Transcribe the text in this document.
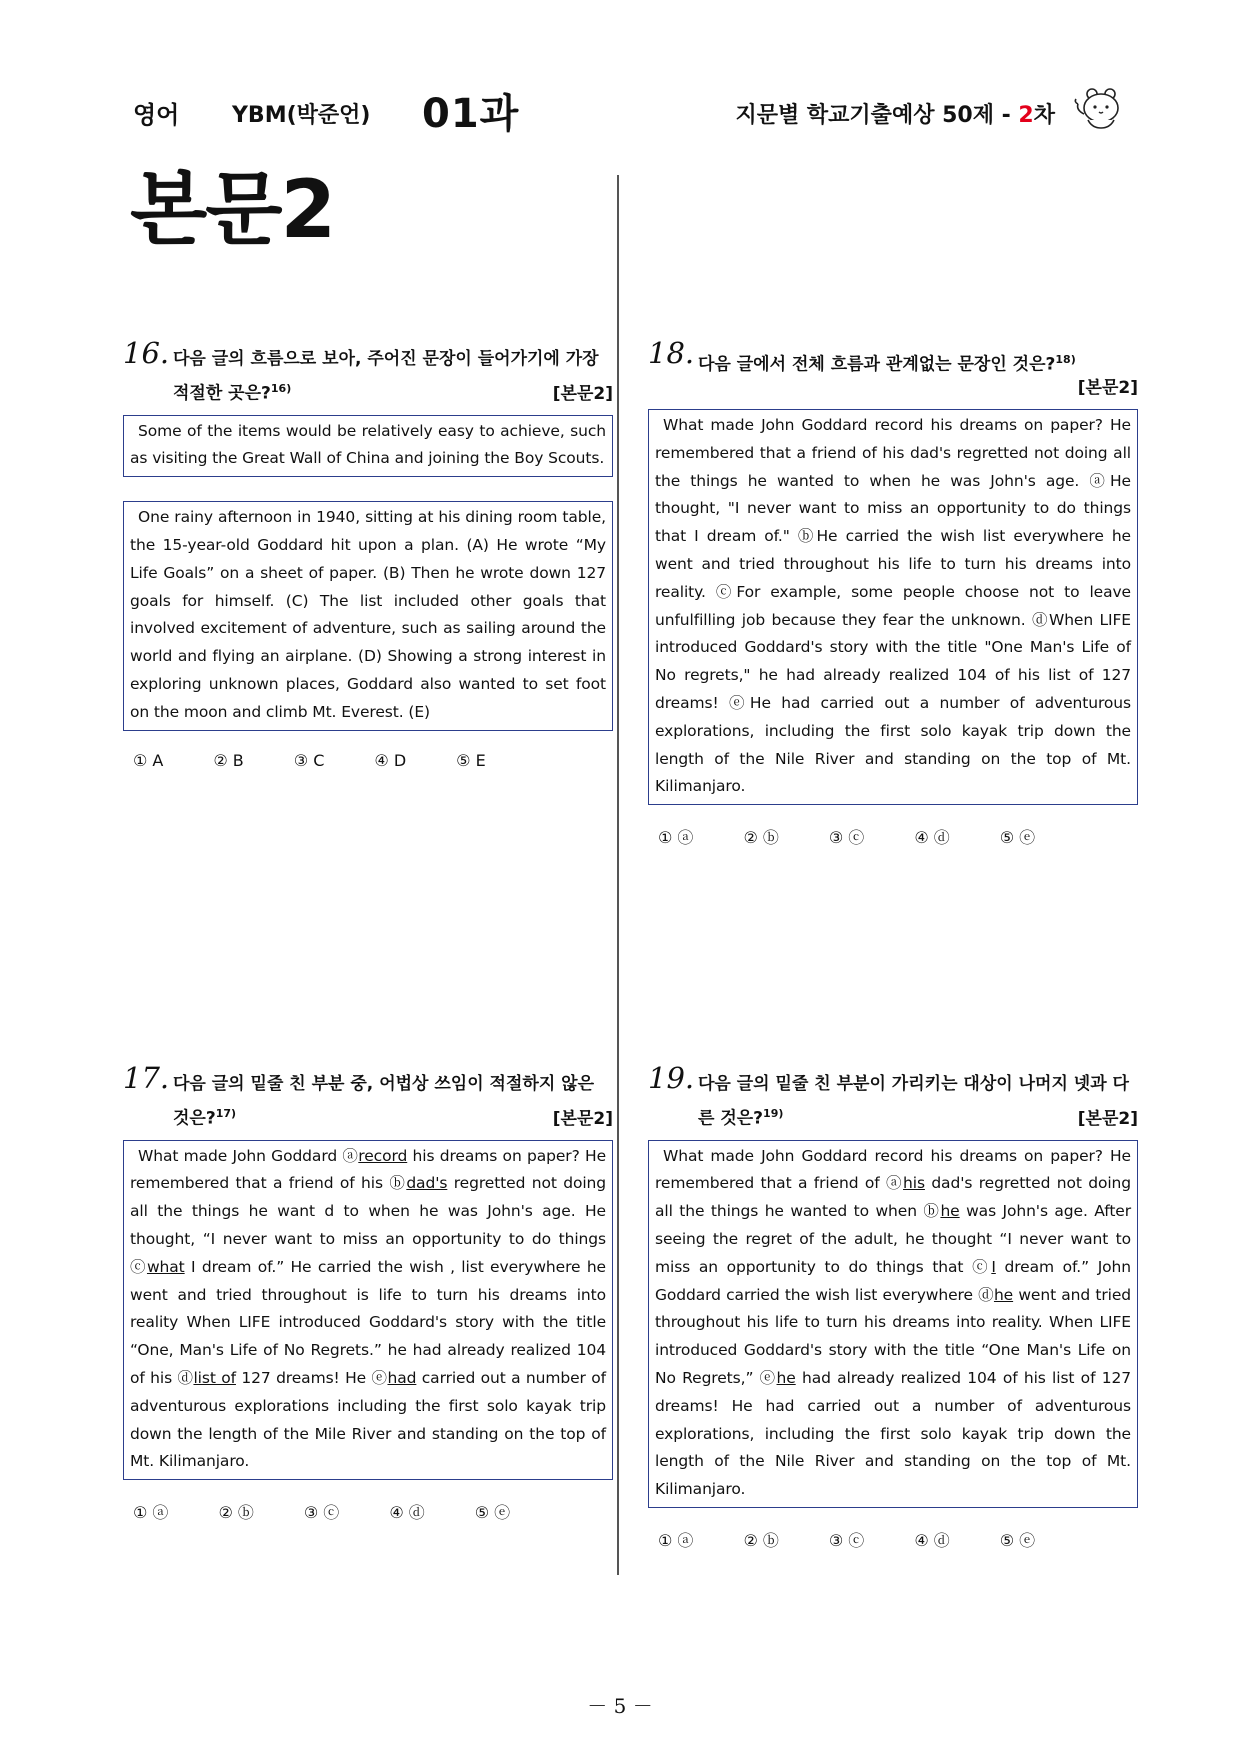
영어 YBM(박준언) 01과	지문별 학교기출예상 50제 - 2차
본문2
16. 다음 글의 흐름으로 보아, 주어진 문장이 들어가기에 가장 적절한 곳은?$^{16)}$	[본문2]

Some of the items would be relatively easy to achieve, such as visiting the Great Wall of China and joining the Boy Scouts.

One rainy afternoon in 1940, sitting at his dining room table, the 15-year-old Goddard hit upon a plan. (A) He wrote “My Life Goals” on a sheet of paper. (B) Then he wrote down 127 goals for himself. (C) The list included other goals that involved excitement of adventure, such as sailing around the world and flying an airplane. (D) Showing a strong interest in exploring unknown places, Goddard also wanted to set foot on the moon and climb Mt. Everest. (E)

① A	② B	③ C	④ D	⑤ E
17. 다음 글의 밑줄 친 부분 중, 어법상 쓰임이 적절하지 않은 것은?$^{17)}$	[본문2]

What made John Goddard ⓐrecord his dreams on paper? He remembered that a friend of his ⓑdad's regretted not doing all the things he want d to when he was John's age. He thought, “I never want to miss an opportunity to do things ⓒwhat I dream of.” He carried the wish , list everywhere he went and tried throughout is life to turn his dreams into reality When LIFE introduced Goddard's story with the title “One, Man's Life of No Regrets.” he had already realized 104 of his ⓓlist of 127 dreams! He ⓔhad carried out a number of adventurous explorations including the first solo kayak trip down the length of the Mile River and standing on the top of Mt. Kilimanjaro.

① ⓐ	② ⓑ	③ ⓒ	④ ⓓ	⑤ ⓔ
18. 다음 글에서 전체 흐름과 관계없는 문장인 것은?$^{18)}$
[본문2]

What made John Goddard record his dreams on paper? He remembered that a friend of his dad's regretted not doing all the things he wanted to when he was John's age. ⓐHe thought, "I never want to miss an opportunity to do things that I dream of." ⓑHe carried the wish list everywhere he went and tried throughout his life to turn his dreams into reality. ⓒFor example, some people choose not to leave unfulfilling job because they fear the unknown. ⓓWhen LIFE introduced Goddard's story with the title "One Man's Life of No regrets," he had already realized 104 of his list of 127 dreams! ⓔHe had carried out a number of adventurous explorations, including the first solo kayak trip down the length of the Nile River and standing on the top of Mt. Kilimanjaro.

① ⓐ	② ⓑ	③ ⓒ	④ ⓓ	⑤ ⓔ
19. 다음 글의 밑줄 친 부분이 가리키는 대상이 나머지 넷과 다른 것은?$^{19)}$	[본문2]

What made John Goddard record his dreams on paper? He remembered that a friend of ⓐhis dad's regretted not doing all the things he wanted to when ⓑhe was John's age. After seeing the regret of the adult, he thought “I never want to miss an opportunity to do things that ⓒI dream of.” John Goddard carried the wish list everywhere ⓓhe went and tried throughout his life to turn his dreams into reality. When LIFE introduced Goddard's story with the title “One Man's Life on No Regrets,” ⓔhe had already realized 104 of his list of 127 dreams! He had carried out a number of adventurous explorations, including the first solo kayak trip down the length of the Nile River and standing on the top of Mt. Kilimanjaro.

① ⓐ	② ⓑ	③ ⓒ	④ ⓓ	⑤ ⓔ
－ 5 －
